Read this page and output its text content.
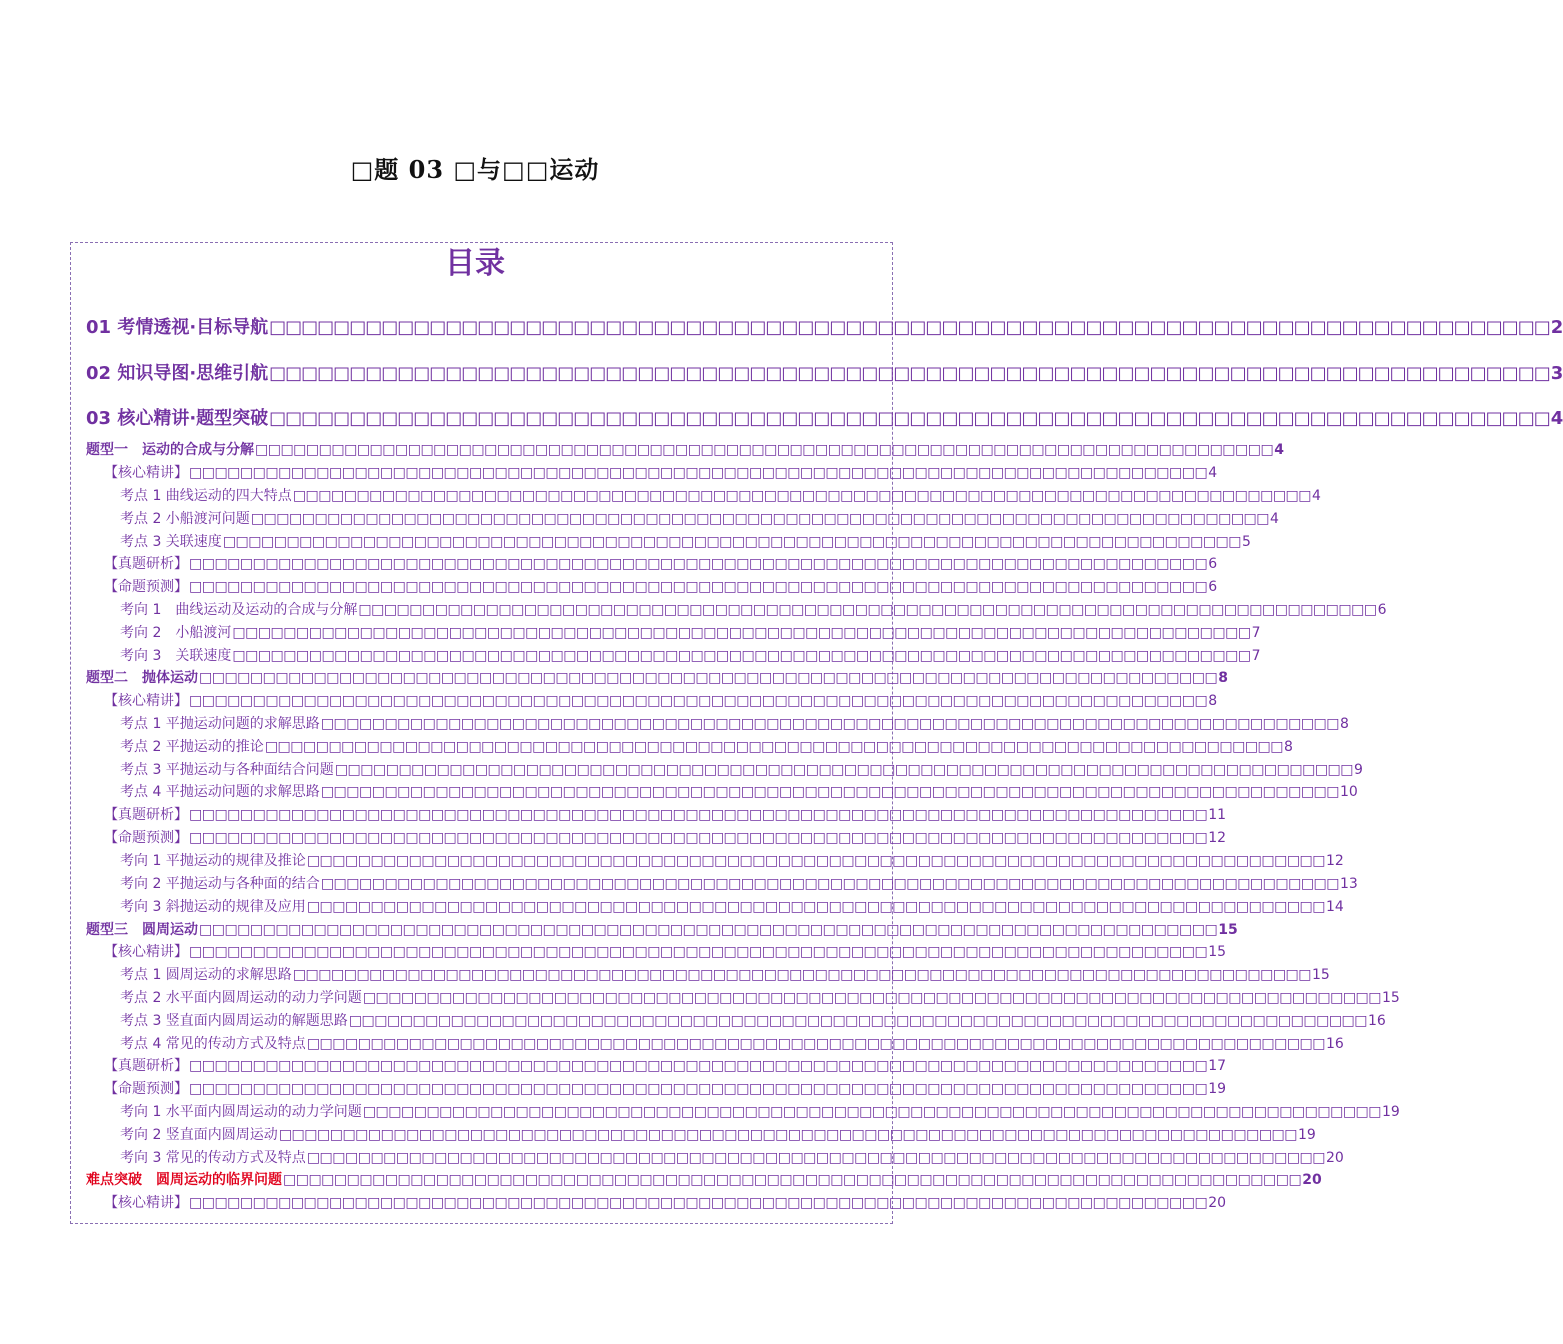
□题 03 □与□□运动
目录
01 考情透视·目标导航 □□□□□□□□□□□□□□□□□□□□□□□□□□□□□□□□□□□□□□□□□□□□□□□□□□□□□□□□□□□□□□□□□□□□□□□□□□□□□□□□ 2
02 知识导图·思维引航 □□□□□□□□□□□□□□□□□□□□□□□□□□□□□□□□□□□□□□□□□□□□□□□□□□□□□□□□□□□□□□□□□□□□□□□□□□□□□□□□ 3
03 核心精讲·题型突破 □□□□□□□□□□□□□□□□□□□□□□□□□□□□□□□□□□□□□□□□□□□□□□□□□□□□□□□□□□□□□□□□□□□□□□□□□□□□□□□□ 4
题型一　运动的合成与分解 □□□□□□□□□□□□□□□□□□□□□□□□□□□□□□□□□□□□□□□□□□□□□□□□□□□□□□□□□□□□□□□□□□□□□□□□□□□□□□□□ 4
【核心精讲】 □□□□□□□□□□□□□□□□□□□□□□□□□□□□□□□□□□□□□□□□□□□□□□□□□□□□□□□□□□□□□□□□□□□□□□□□□□□□□□□□ 4
考点 1 曲线运动的四大特点 □□□□□□□□□□□□□□□□□□□□□□□□□□□□□□□□□□□□□□□□□□□□□□□□□□□□□□□□□□□□□□□□□□□□□□□□□□□□□□□□ 4
考点 2 小船渡河问题 □□□□□□□□□□□□□□□□□□□□□□□□□□□□□□□□□□□□□□□□□□□□□□□□□□□□□□□□□□□□□□□□□□□□□□□□□□□□□□□□ 4
考点 3 关联速度 □□□□□□□□□□□□□□□□□□□□□□□□□□□□□□□□□□□□□□□□□□□□□□□□□□□□□□□□□□□□□□□□□□□□□□□□□□□□□□□□ 5
【真题研析】 □□□□□□□□□□□□□□□□□□□□□□□□□□□□□□□□□□□□□□□□□□□□□□□□□□□□□□□□□□□□□□□□□□□□□□□□□□□□□□□□ 6
【命题预测】 □□□□□□□□□□□□□□□□□□□□□□□□□□□□□□□□□□□□□□□□□□□□□□□□□□□□□□□□□□□□□□□□□□□□□□□□□□□□□□□□ 6
考向 1　曲线运动及运动的合成与分解 □□□□□□□□□□□□□□□□□□□□□□□□□□□□□□□□□□□□□□□□□□□□□□□□□□□□□□□□□□□□□□□□□□□□□□□□□□□□□□□□ 6
考向 2　小船渡河 □□□□□□□□□□□□□□□□□□□□□□□□□□□□□□□□□□□□□□□□□□□□□□□□□□□□□□□□□□□□□□□□□□□□□□□□□□□□□□□□ 7
考向 3　关联速度 □□□□□□□□□□□□□□□□□□□□□□□□□□□□□□□□□□□□□□□□□□□□□□□□□□□□□□□□□□□□□□□□□□□□□□□□□□□□□□□□ 7
题型二　抛体运动 □□□□□□□□□□□□□□□□□□□□□□□□□□□□□□□□□□□□□□□□□□□□□□□□□□□□□□□□□□□□□□□□□□□□□□□□□□□□□□□□ 8
【核心精讲】 □□□□□□□□□□□□□□□□□□□□□□□□□□□□□□□□□□□□□□□□□□□□□□□□□□□□□□□□□□□□□□□□□□□□□□□□□□□□□□□□ 8
考点 1 平抛运动问题的求解思路 □□□□□□□□□□□□□□□□□□□□□□□□□□□□□□□□□□□□□□□□□□□□□□□□□□□□□□□□□□□□□□□□□□□□□□□□□□□□□□□□ 8
考点 2 平抛运动的推论 □□□□□□□□□□□□□□□□□□□□□□□□□□□□□□□□□□□□□□□□□□□□□□□□□□□□□□□□□□□□□□□□□□□□□□□□□□□□□□□□ 8
考点 3 平抛运动与各种面结合问题 □□□□□□□□□□□□□□□□□□□□□□□□□□□□□□□□□□□□□□□□□□□□□□□□□□□□□□□□□□□□□□□□□□□□□□□□□□□□□□□□ 9
考点 4 平抛运动问题的求解思路 □□□□□□□□□□□□□□□□□□□□□□□□□□□□□□□□□□□□□□□□□□□□□□□□□□□□□□□□□□□□□□□□□□□□□□□□□□□□□□□□ 10
【真题研析】 □□□□□□□□□□□□□□□□□□□□□□□□□□□□□□□□□□□□□□□□□□□□□□□□□□□□□□□□□□□□□□□□□□□□□□□□□□□□□□□□ 11
【命题预测】 □□□□□□□□□□□□□□□□□□□□□□□□□□□□□□□□□□□□□□□□□□□□□□□□□□□□□□□□□□□□□□□□□□□□□□□□□□□□□□□□ 12
考向 1 平抛运动的规律及推论 □□□□□□□□□□□□□□□□□□□□□□□□□□□□□□□□□□□□□□□□□□□□□□□□□□□□□□□□□□□□□□□□□□□□□□□□□□□□□□□□ 12
考向 2 平抛运动与各种面的结合 □□□□□□□□□□□□□□□□□□□□□□□□□□□□□□□□□□□□□□□□□□□□□□□□□□□□□□□□□□□□□□□□□□□□□□□□□□□□□□□□ 13
考向 3 斜抛运动的规律及应用 □□□□□□□□□□□□□□□□□□□□□□□□□□□□□□□□□□□□□□□□□□□□□□□□□□□□□□□□□□□□□□□□□□□□□□□□□□□□□□□□ 14
题型三　圆周运动 □□□□□□□□□□□□□□□□□□□□□□□□□□□□□□□□□□□□□□□□□□□□□□□□□□□□□□□□□□□□□□□□□□□□□□□□□□□□□□□□ 15
【核心精讲】 □□□□□□□□□□□□□□□□□□□□□□□□□□□□□□□□□□□□□□□□□□□□□□□□□□□□□□□□□□□□□□□□□□□□□□□□□□□□□□□□ 15
考点 1 圆周运动的求解思路 □□□□□□□□□□□□□□□□□□□□□□□□□□□□□□□□□□□□□□□□□□□□□□□□□□□□□□□□□□□□□□□□□□□□□□□□□□□□□□□□ 15
考点 2 水平面内圆周运动的动力学问题 □□□□□□□□□□□□□□□□□□□□□□□□□□□□□□□□□□□□□□□□□□□□□□□□□□□□□□□□□□□□□□□□□□□□□□□□□□□□□□□□ 15
考点 3 竖直面内圆周运动的解题思路 □□□□□□□□□□□□□□□□□□□□□□□□□□□□□□□□□□□□□□□□□□□□□□□□□□□□□□□□□□□□□□□□□□□□□□□□□□□□□□□□ 16
考点 4 常见的传动方式及特点 □□□□□□□□□□□□□□□□□□□□□□□□□□□□□□□□□□□□□□□□□□□□□□□□□□□□□□□□□□□□□□□□□□□□□□□□□□□□□□□□ 16
【真题研析】 □□□□□□□□□□□□□□□□□□□□□□□□□□□□□□□□□□□□□□□□□□□□□□□□□□□□□□□□□□□□□□□□□□□□□□□□□□□□□□□□ 17
【命题预测】 □□□□□□□□□□□□□□□□□□□□□□□□□□□□□□□□□□□□□□□□□□□□□□□□□□□□□□□□□□□□□□□□□□□□□□□□□□□□□□□□ 19
考向 1 水平面内圆周运动的动力学问题 □□□□□□□□□□□□□□□□□□□□□□□□□□□□□□□□□□□□□□□□□□□□□□□□□□□□□□□□□□□□□□□□□□□□□□□□□□□□□□□□ 19
考向 2 竖直面内圆周运动 □□□□□□□□□□□□□□□□□□□□□□□□□□□□□□□□□□□□□□□□□□□□□□□□□□□□□□□□□□□□□□□□□□□□□□□□□□□□□□□□ 19
考向 3 常见的传动方式及特点 □□□□□□□□□□□□□□□□□□□□□□□□□□□□□□□□□□□□□□□□□□□□□□□□□□□□□□□□□□□□□□□□□□□□□□□□□□□□□□□□ 20
难点突破　圆周运动的临界问题 □□□□□□□□□□□□□□□□□□□□□□□□□□□□□□□□□□□□□□□□□□□□□□□□□□□□□□□□□□□□□□□□□□□□□□□□□□□□□□□□ 20
【核心精讲】 □□□□□□□□□□□□□□□□□□□□□□□□□□□□□□□□□□□□□□□□□□□□□□□□□□□□□□□□□□□□□□□□□□□□□□□□□□□□□□□□ 20
